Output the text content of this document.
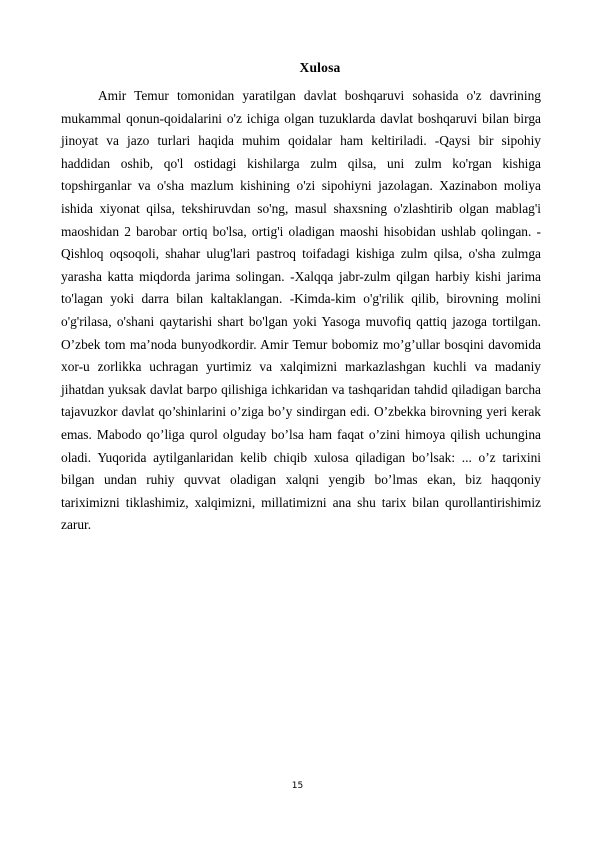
Xulosa

Amir Temur tomonidan yaratilgan davlat boshqaruvi sohasida o'z davrining mukammal qonun-qoidalarini o'z ichiga olgan tuzuklarda davlat boshqaruvi bilan birga jinoyat va jazo turlari haqida muhim qoidalar ham keltiriladi. -Qaysi bir sipohiy haddidan oshib, qo'l ostidagi kishilarga zulm qilsa, uni zulm ko'rgan kishiga topshirganlar va o'sha mazlum kishining o'zi sipohiyni jazolagan. Xazinabon moliya ishida xiyonat qilsa, tekshiruvdan so'ng, masul shaxsning o'zlashtirib olgan mablag'i maoshidan 2 barobar ortiq bo'lsa, ortig'i oladigan maoshi hisobidan ushlab qolingan. -Qishloq oqsoqoli, shahar ulug'lari pastroq toifadagi kishiga zulm qilsa, o'sha zulmga yarasha katta miqdorda jarima solingan. -Xalqqa jabr-zulm qilgan harbiy kishi jarima to'lagan yoki darra bilan kaltaklangan. -Kimda-kim o'g'rilik qilib, birovning molini o'g'rilasa, o'shani qaytarishi shart bo'lgan yoki Yasoga muvofiq qattiq jazoga tortilgan. O’zbek tom ma’noda bunyodkordir. Amir Temur bobomiz mo’g’ullar bosqini davomida xor-u zorlikka uchragan yurtimiz va xalqimizni markazlashgan kuchli va madaniy jihatdan yuksak davlat barpo qilishiga ichkaridan va tashqaridan tahdid qiladigan barcha tajavuzkor davlat qo’shinlarini o’ziga bo’y sindirgan edi. O’zbekka birovning yeri kerak emas. Mabodo qo’liga qurol olguday bo’lsa ham faqat o’zini himoya qilish uchungina oladi. Yuqorida aytilganlaridan kelib chiqib xulosa qiladigan bo’lsak: ... o’z tarixini bilgan undan ruhiy quvvat oladigan xalqni yengib bo’lmas ekan, biz haqqoniy tariximizni tiklashimiz, xalqimizni, millatimizni ana shu tarix bilan qurollantirishimiz zarur.

15
